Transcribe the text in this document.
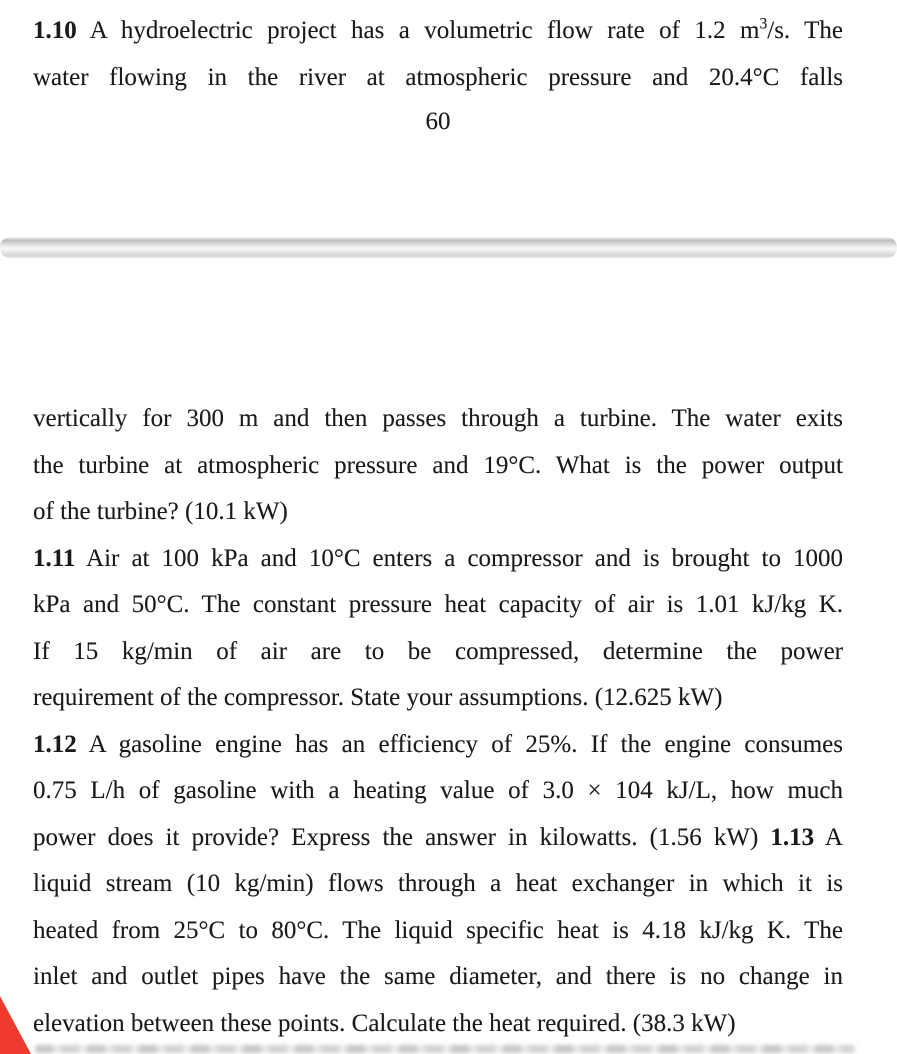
1.10 A hydroelectric project has a volumetric flow rate of 1.2 $m^3/s$. The
water flowing in the river at atmospheric pressure and 20.4°C falls
60
vertically for 300 m and then passes through a turbine. The water exits
the turbine at atmospheric pressure and 19°C. What is the power output
of the turbine? (10.1 kW)
1.11 Air at 100 kPa and 10°C enters a compressor and is brought to 1000
kPa and 50°C. The constant pressure heat capacity of air is 1.01 kJ/kg K.
If 15 kg/min of air are to be compressed, determine the power
requirement of the compressor. State your assumptions. (12.625 kW)
1.12 A gasoline engine has an efficiency of 25%. If the engine consumes
0.75 L/h of gasoline with a heating value of 3.0 × 104 kJ/L, how much
power does it provide? Express the answer in kilowatts. (1.56 kW) 1.13 A
liquid stream (10 kg/min) flows through a heat exchanger in which it is
heated from 25°C to 80°C. The liquid specific heat is 4.18 kJ/kg K. The
inlet and outlet pipes have the same diameter, and there is no change in
elevation between these points. Calculate the heat required. (38.3 kW)
